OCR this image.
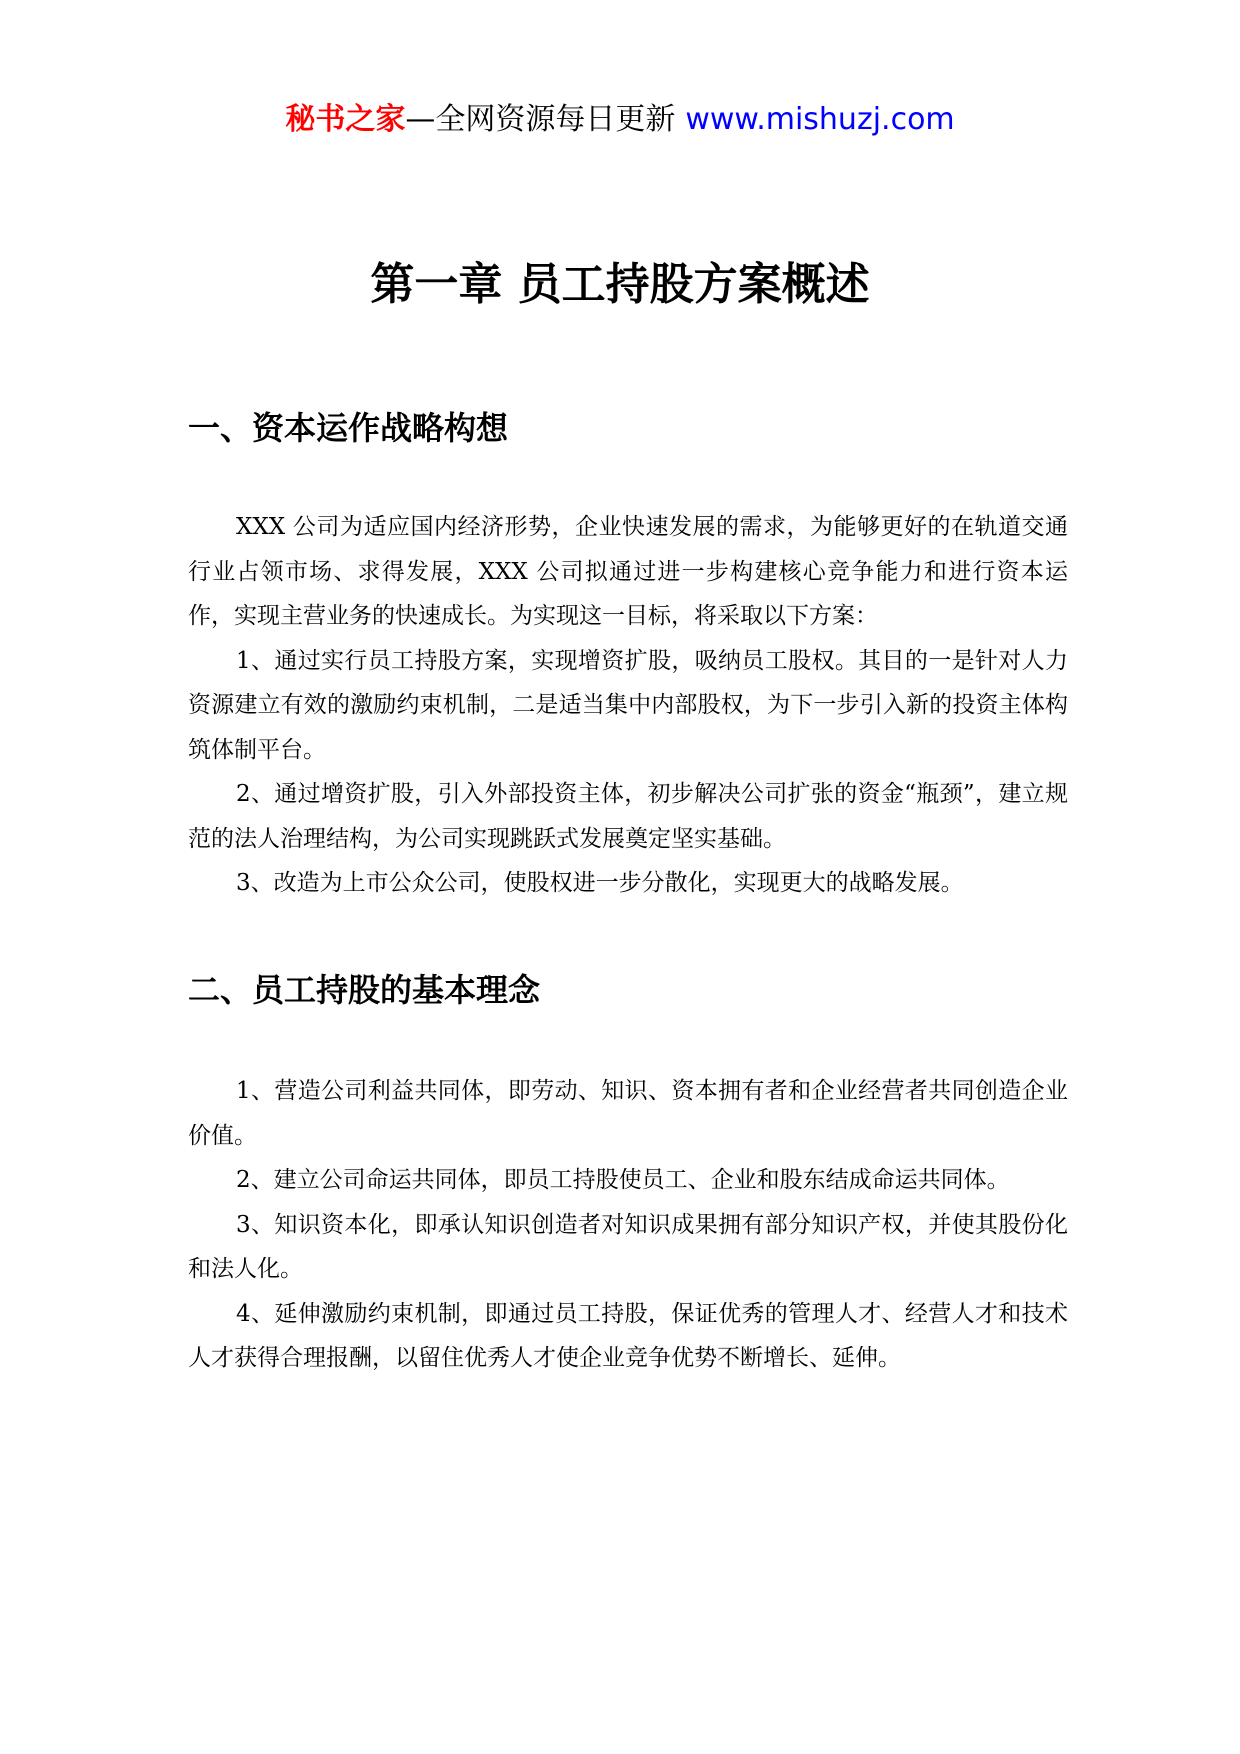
秘书之家—全网资源每日更新 www.mishuzj.com
第一章 员工持股方案概述
一、资本运作战略构想

XXX 公司为适应国内经济形势，企业快速发展的需求，为能够更好的在轨道交通行业占领市场、求得发展，XXX 公司拟通过进一步构建核心竞争能力和进行资本运作，实现主营业务的快速成长。为实现这一目标，将采取以下方案：

1、通过实行员工持股方案，实现增资扩股，吸纳员工股权。其目的一是针对人力资源建立有效的激励约束机制，二是适当集中内部股权，为下一步引入新的投资主体构筑体制平台。

2、通过增资扩股，引入外部投资主体，初步解决公司扩张的资金“瓶颈”，建立规范的法人治理结构，为公司实现跳跃式发展奠定坚实基础。

3、改造为上市公众公司，使股权进一步分散化，实现更大的战略发展。

二、员工持股的基本理念

1、营造公司利益共同体，即劳动、知识、资本拥有者和企业经营者共同创造企业价值。

2、建立公司命运共同体，即员工持股使员工、企业和股东结成命运共同体。

3、知识资本化，即承认知识创造者对知识成果拥有部分知识产权，并使其股份化和法人化。

4、延伸激励约束机制，即通过员工持股，保证优秀的管理人才、经营人才和技术人才获得合理报酬，以留住优秀人才使企业竞争优势不断增长、延伸。
